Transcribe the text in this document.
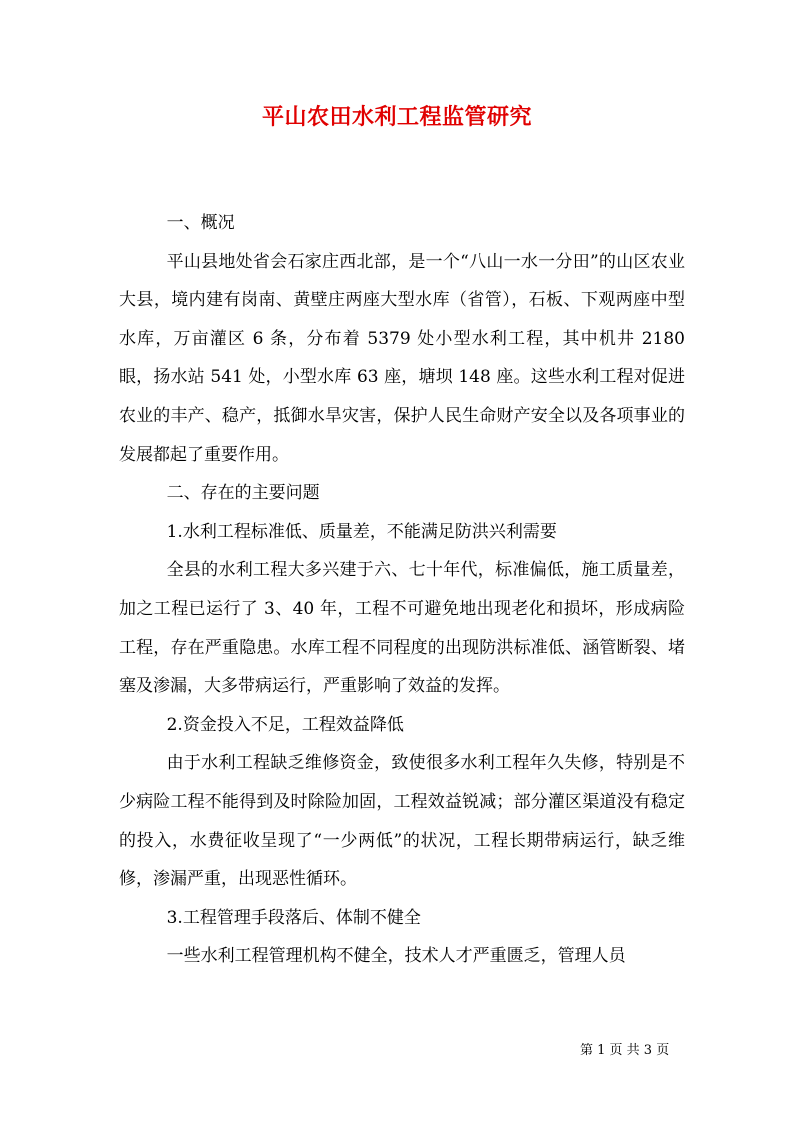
平山农田水利工程监管研究

一、概况

平山县地处省会石家庄西北部，是一个“八山一水一分田”的山区农业大县，境内建有岗南、黄壁庄两座大型水库（省管），石板、下观两座中型水库，万亩灌区 6 条，分布着 5379 处小型水利工程，其中机井 2180 眼，扬水站 541 处，小型水库 63 座，塘坝 148 座。这些水利工程对促进农业的丰产、稳产，抵御水旱灾害，保护人民生命财产安全以及各项事业的发展都起了重要作用。

二、存在的主要问题

1.水利工程标准低、质量差，不能满足防洪兴利需要

全县的水利工程大多兴建于六、七十年代，标准偏低，施工质量差，加之工程已运行了 3、40 年，工程不可避免地出现老化和损坏，形成病险工程，存在严重隐患。水库工程不同程度的出现防洪标准低、涵管断裂、堵塞及渗漏，大多带病运行，严重影响了效益的发挥。

2.资金投入不足，工程效益降低

由于水利工程缺乏维修资金，致使很多水利工程年久失修，特别是不少病险工程不能得到及时除险加固，工程效益锐减；部分灌区渠道没有稳定的投入，水费征收呈现了“一少两低”的状况，工程长期带病运行，缺乏维修，渗漏严重，出现恶性循环。

3.工程管理手段落后、体制不健全

一些水利工程管理机构不健全，技术人才严重匮乏，管理人员

第 1 页 共 3 页
